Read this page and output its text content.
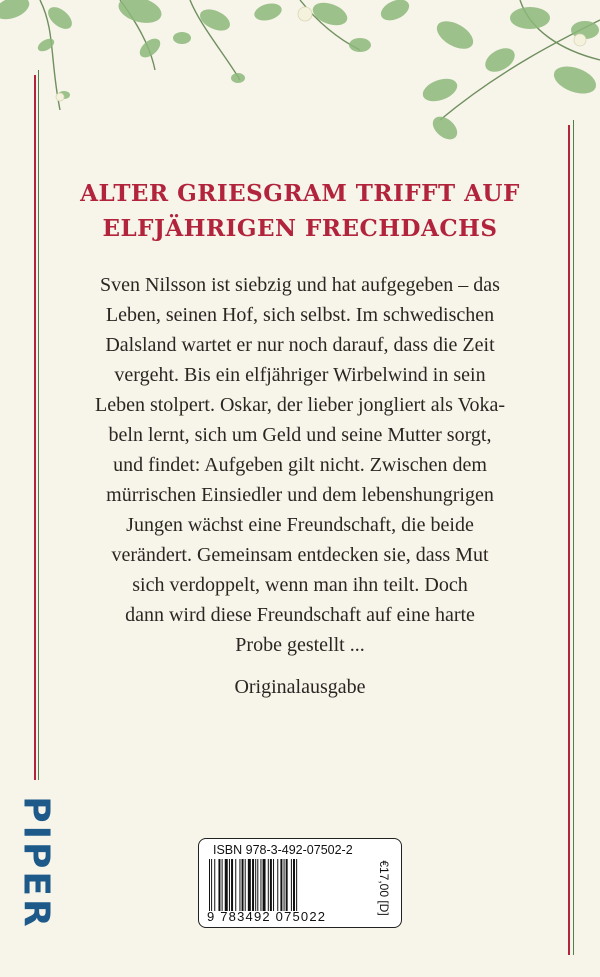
ALTER GRIESGRAM TRIFFT AUF
ELFJÄHRIGEN FRECHDACHS
Sven Nilsson ist siebzig und hat aufgegeben – das
Leben, seinen Hof, sich selbst. Im schwedischen
Dalsland wartet er nur noch darauf, dass die Zeit
vergeht. Bis ein elfjähriger Wirbelwind in sein
Leben stolpert. Oskar, der lieber jongliert als Voka-
beln lernt, sich um Geld und seine Mutter sorgt,
und findet: Aufgeben gilt nicht. Zwischen dem
mürrischen Einsiedler und dem lebenshungrigen
Jungen wächst eine Freundschaft, die beide
verändert. Gemeinsam entdecken sie, dass Mut
sich verdoppelt, wenn man ihn teilt. Doch
dann wird diese Freundschaft auf eine harte
Probe gestellt ...
Originalausgabe
PIPER	ISBN 978-3-492-07502-2
9 783492 075022
€17,00 [D]
